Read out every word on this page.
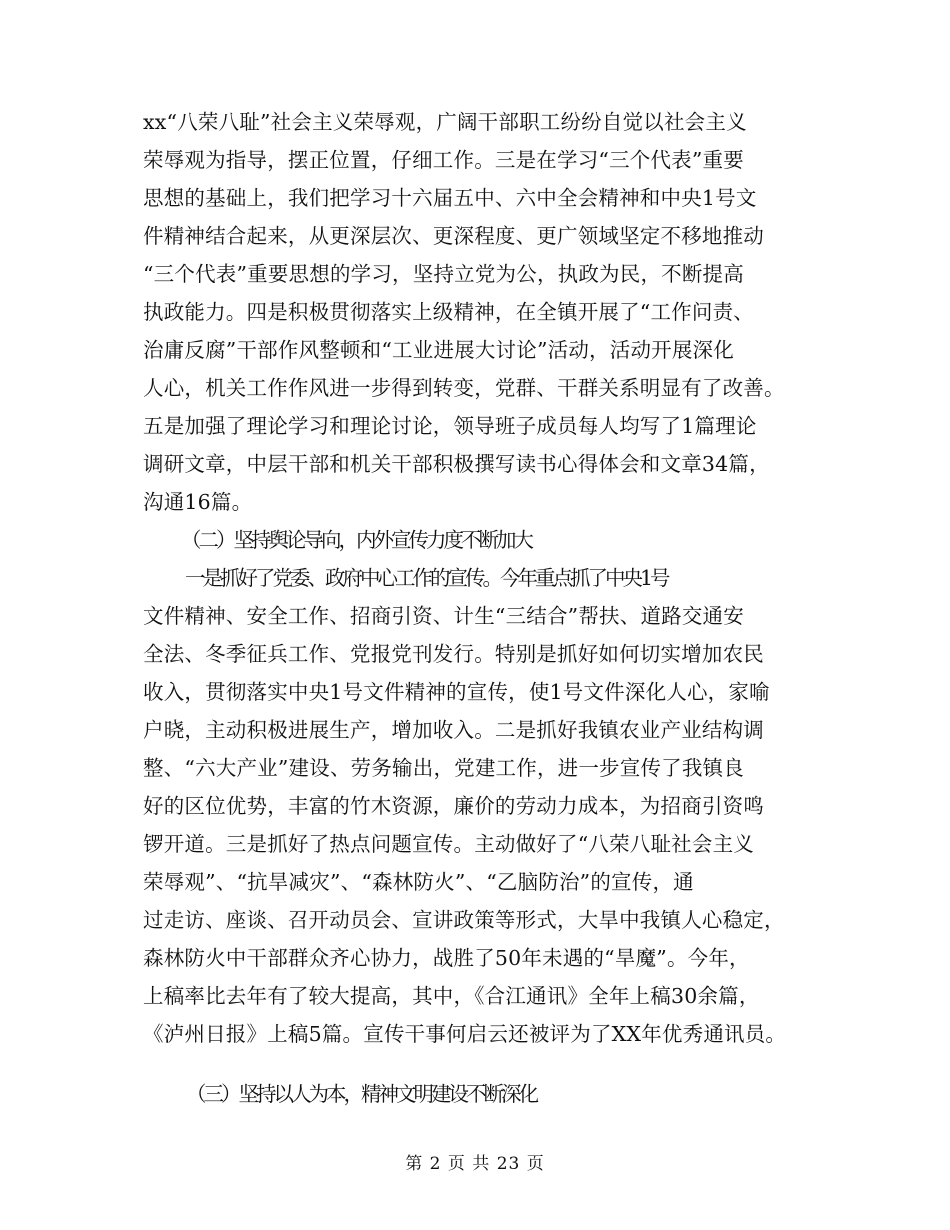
xx“八荣八耻”社会主义荣辱观，广阔干部职工纷纷自觉以社会主义
荣辱观为指导，摆正位置，仔细工作。三是在学习“三个代表”重要
思想的基础上，我们把学习十六届五中、六中全会精神和中央1号文
件精神结合起来，从更深层次、更深程度、更广领域坚定不移地推动
“三个代表”重要思想的学习，坚持立党为公，执政为民，不断提高
执政能力。四是积极贯彻落实上级精神，在全镇开展了“工作问责、
治庸反腐”干部作风整顿和“工业进展大讨论”活动，活动开展深化
人心，机关工作作风进一步得到转变，党群、干群关系明显有了改善。
五是加强了理论学习和理论讨论，领导班子成员每人均写了1篇理论
调研文章，中层干部和机关干部积极撰写读书心得体会和文章34篇，
沟通16篇。
（二）坚持舆论导向，内外宣传力度不断加大
一是抓好了党委、政府中心工作的宣传。今年重点抓了中央1号
文件精神、安全工作、招商引资、计生“三结合”帮扶、道路交通安
全法、冬季征兵工作、党报党刊发行。特别是抓好如何切实增加农民
收入，贯彻落实中央1号文件精神的宣传，使1号文件深化人心，家喻
户晓，主动积极进展生产，增加收入。二是抓好我镇农业产业结构调
整、“六大产业”建设、劳务输出，党建工作，进一步宣传了我镇良
好的区位优势，丰富的竹木资源，廉价的劳动力成本，为招商引资鸣
锣开道。三是抓好了热点问题宣传。主动做好了“八荣八耻社会主义
荣辱观”、“抗旱减灾”、“森林防火”、“乙脑防治”的宣传，通
过走访、座谈、召开动员会、宣讲政策等形式，大旱中我镇人心稳定，
森林防火中干部群众齐心协力，战胜了50年未遇的“旱魔”。今年，
上稿率比去年有了较大提高，其中，《合江通讯》全年上稿30余篇，
《泸州日报》上稿5篇。宣传干事何启云还被评为了XX年优秀通讯员。
（三）坚持以人为本，精神文明建设不断深化
第 2 页 共 23 页
